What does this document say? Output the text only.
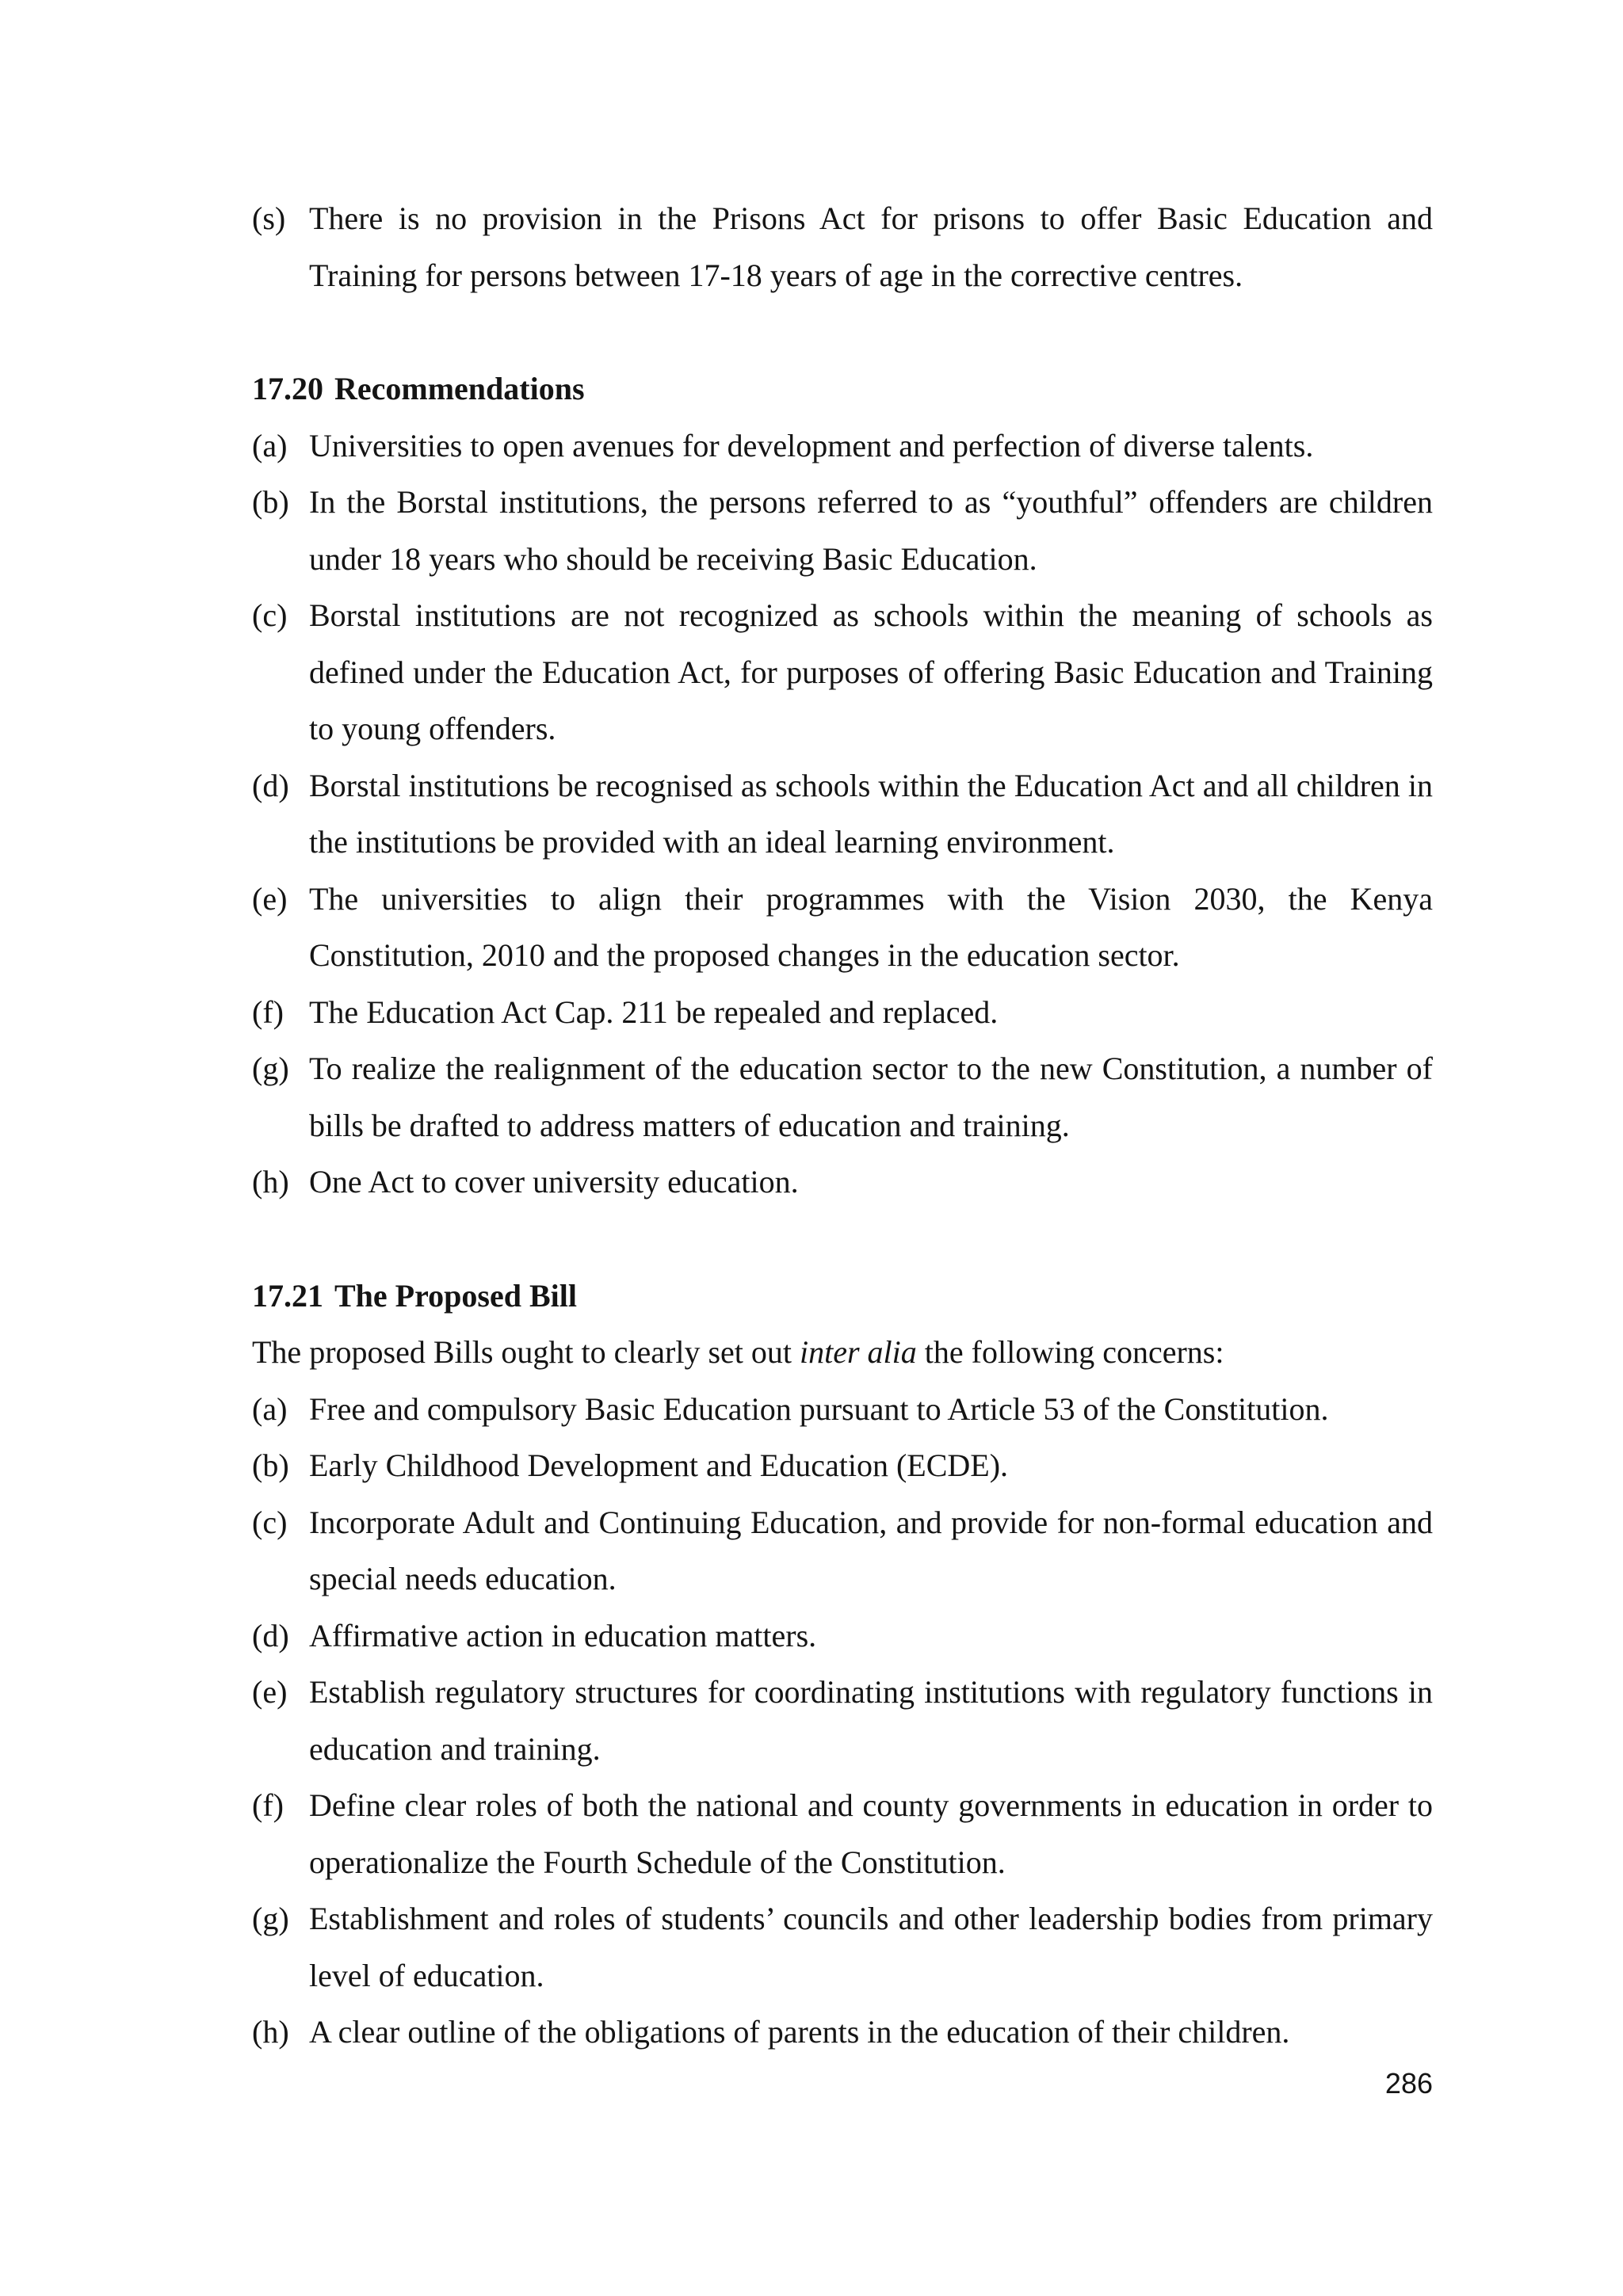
(s) There is no provision in the Prisons Act for prisons to offer Basic Education and Training for persons between 17-18 years of age in the corrective centres.
17.20 Recommendations
(a) Universities to open avenues for development and perfection of diverse talents.
(b) In the Borstal institutions, the persons referred to as “youthful” offenders are children under 18 years who should be receiving Basic Education.
(c) Borstal institutions are not recognized as schools within the meaning of schools as defined under the Education Act, for purposes of offering Basic Education and Training to young offenders.
(d) Borstal institutions be recognised as schools within the Education Act and all children in the institutions be provided with an ideal learning environment.
(e) The universities to align their programmes with the Vision 2030, the Kenya Constitution, 2010 and the proposed changes in the education sector.
(f) The Education Act Cap. 211 be repealed and replaced.
(g) To realize the realignment of the education sector to the new Constitution, a number of bills be drafted to address matters of education and training.
(h) One Act to cover university education.
17.21 The Proposed Bill
The proposed Bills ought to clearly set out inter alia the following concerns:
(a) Free and compulsory Basic Education pursuant to Article 53 of the Constitution.
(b) Early Childhood Development and Education (ECDE).
(c) Incorporate Adult and Continuing Education, and provide for non-formal education and special needs education.
(d) Affirmative action in education matters.
(e) Establish regulatory structures for coordinating institutions with regulatory functions in education and training.
(f) Define clear roles of both the national and county governments in education in order to operationalize the Fourth Schedule of the Constitution.
(g) Establishment and roles of students’ councils and other leadership bodies from primary level of education.
(h) A clear outline of the obligations of parents in the education of their children.
286
